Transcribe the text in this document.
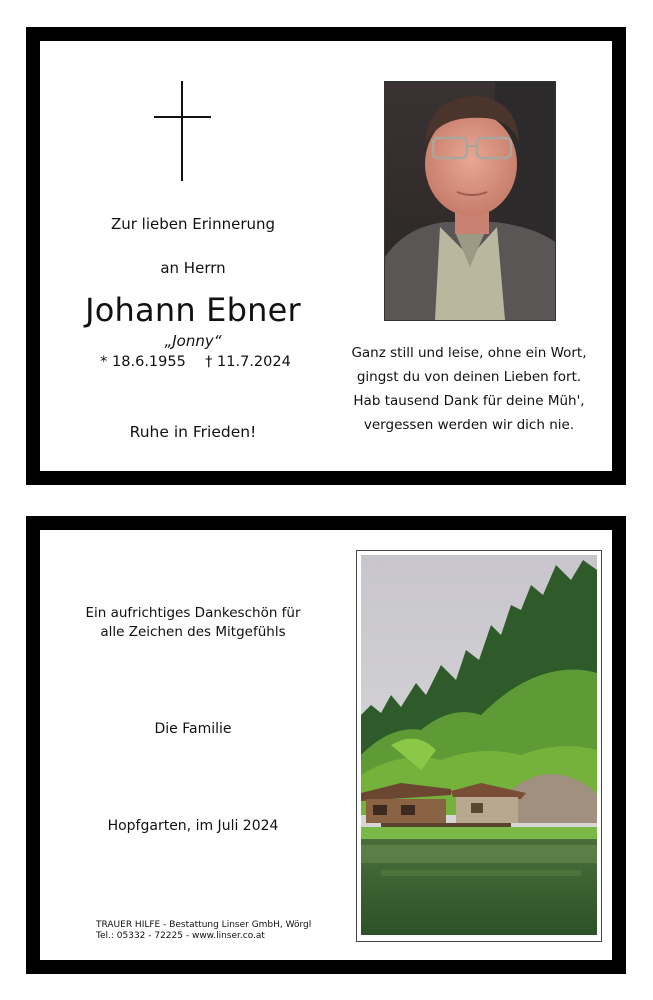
Zur lieben Erinnerung
an Herrn
Johann Ebner
„Jonny“
* 18.6.1955	† 11.7.2024
Ruhe in Frieden!
Ganz still und leise, ohne ein Wort,
gingst du von deinen Lieben fort.
Hab tausend Dank für deine Müh',
vergessen werden wir dich nie.
Ein aufrichtiges Dankeschön für
alle Zeichen des Mitgefühls
Die Familie
Hopfgarten, im Juli 2024
TRAUER HILFE - Bestattung Linser GmbH, Wörgl
Tel.: 05332 - 72225 - www.linser.co.at
